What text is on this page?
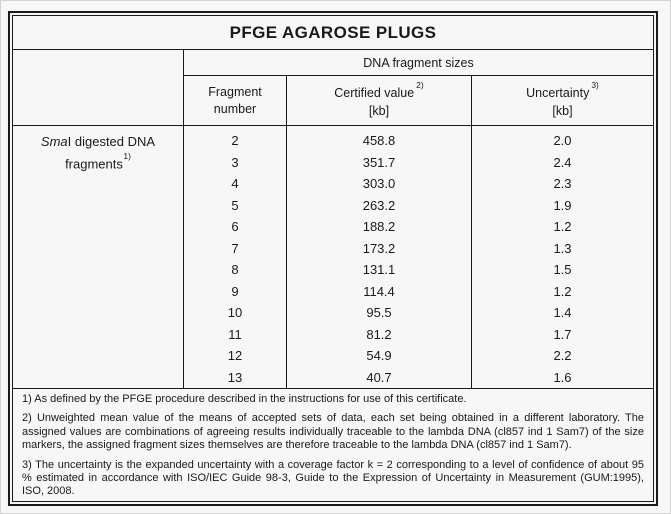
PFGE AGAROSE PLUGS
DNA fragment sizes
Fragment
number
Certified value$^{2)}$
[kb]
Uncertainty$^{3)}$
[kb]
SmaI digested DNA
fragments$^{1)}$
2
3
4
5
6
7
8
9
10
11
12
13
458.8
351.7
303.0
263.2
188.2
173.2
131.1
114.4
95.5
81.2
54.9
40.7
2.0
2.4
2.3
1.9
1.2
1.3
1.5
1.2
1.4
1.7
2.2
1.6

1) As defined by the PFGE procedure described in the instructions for use of this certificate.

2) Unweighted mean value of the means of accepted sets of data, each set being obtained in a different laboratory. The assigned values are combinations of agreeing results individually traceable to the lambda DNA (cl857 ind 1 Sam7) of the size markers, the assigned fragment sizes themselves are therefore traceable to the lambda DNA (cl857 ind 1 Sam7).

3) The uncertainty is the expanded uncertainty with a coverage factor k = 2 corresponding to a level of confidence of about 95 % estimated in accordance with ISO/IEC Guide 98-3, Guide to the Expression of Uncertainty in Measurement (GUM:1995), ISO, 2008.
